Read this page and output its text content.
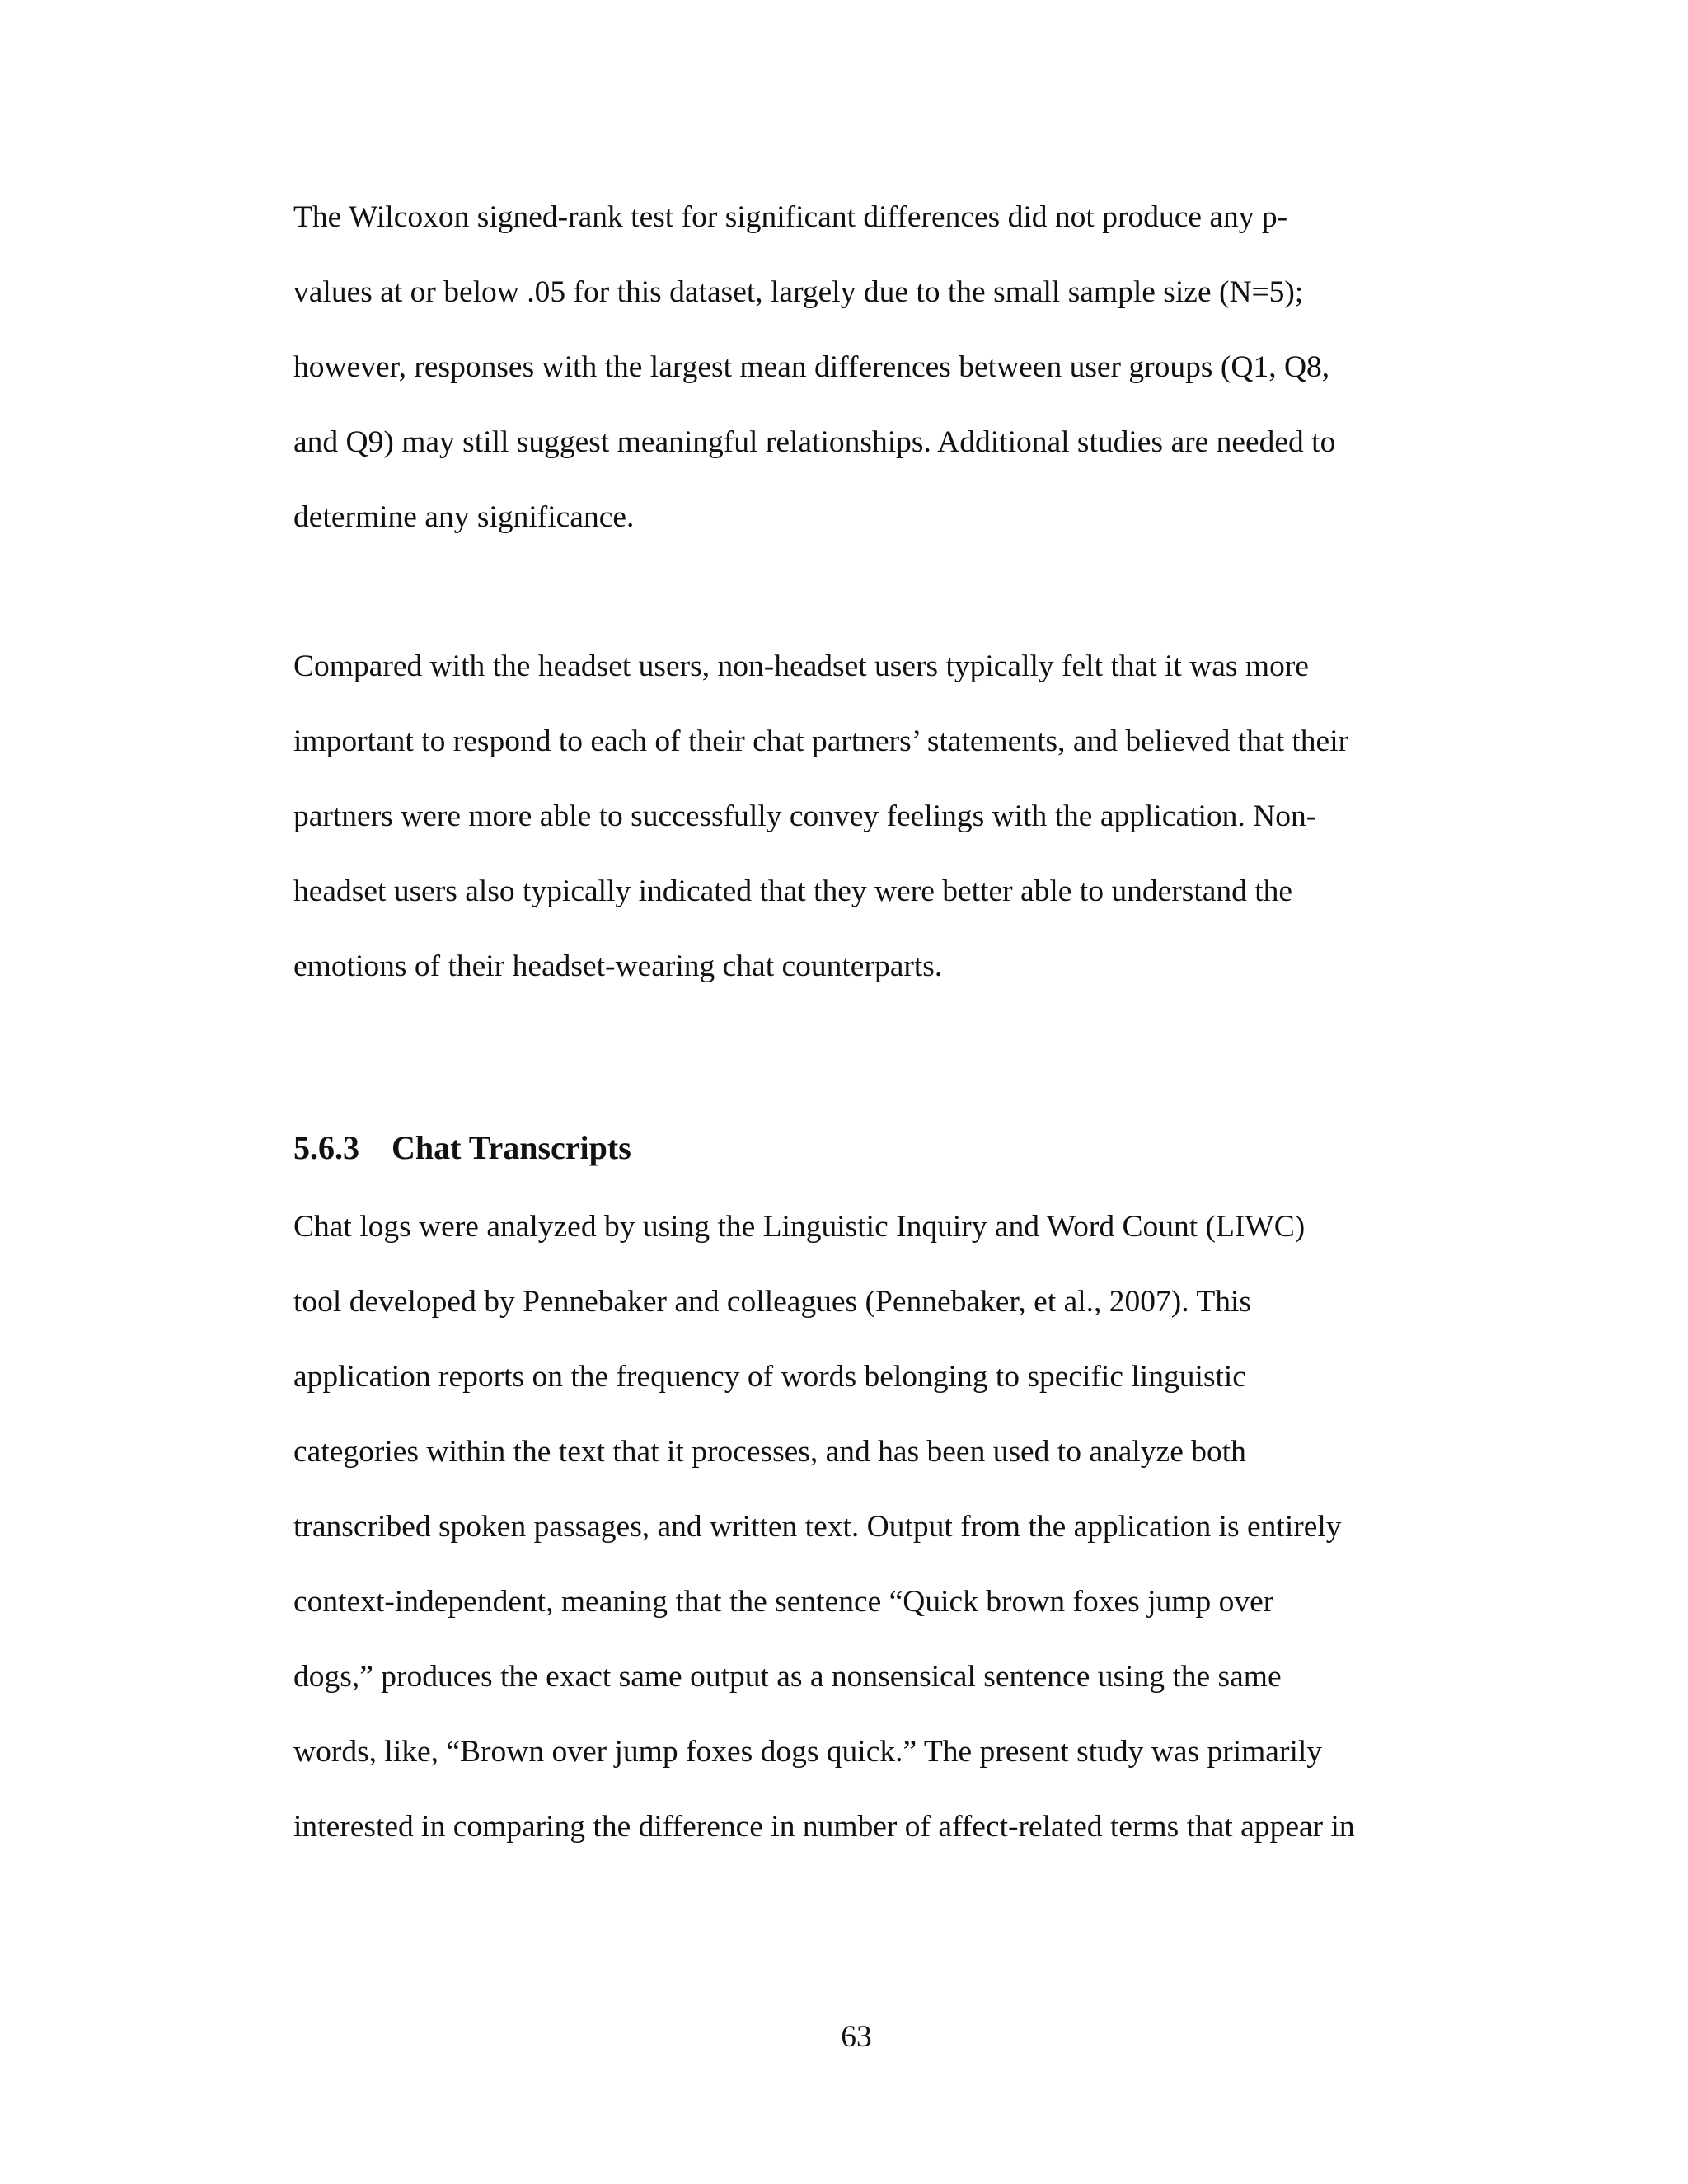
The Wilcoxon signed-rank test for significant differences did not produce any p-
values at or below .05 for this dataset, largely due to the small sample size (N=5);
however, responses with the largest mean differences between user groups (Q1, Q8,
and Q9) may still suggest meaningful relationships. Additional studies are needed to
determine any significance.

Compared with the headset users, non-headset users typically felt that it was more
important to respond to each of their chat partners’ statements, and believed that their
partners were more able to successfully convey feelings with the application. Non-
headset users also typically indicated that they were better able to understand the
emotions of their headset-wearing chat counterparts.

5.6.3 Chat Transcripts

Chat logs were analyzed by using the Linguistic Inquiry and Word Count (LIWC)
tool developed by Pennebaker and colleagues (Pennebaker, et al., 2007). This
application reports on the frequency of words belonging to specific linguistic
categories within the text that it processes, and has been used to analyze both
transcribed spoken passages, and written text. Output from the application is entirely
context-independent, meaning that the sentence “Quick brown foxes jump over
dogs,” produces the exact same output as a nonsensical sentence using the same
words, like, “Brown over jump foxes dogs quick.” The present study was primarily
interested in comparing the difference in number of affect-related terms that appear in

63
